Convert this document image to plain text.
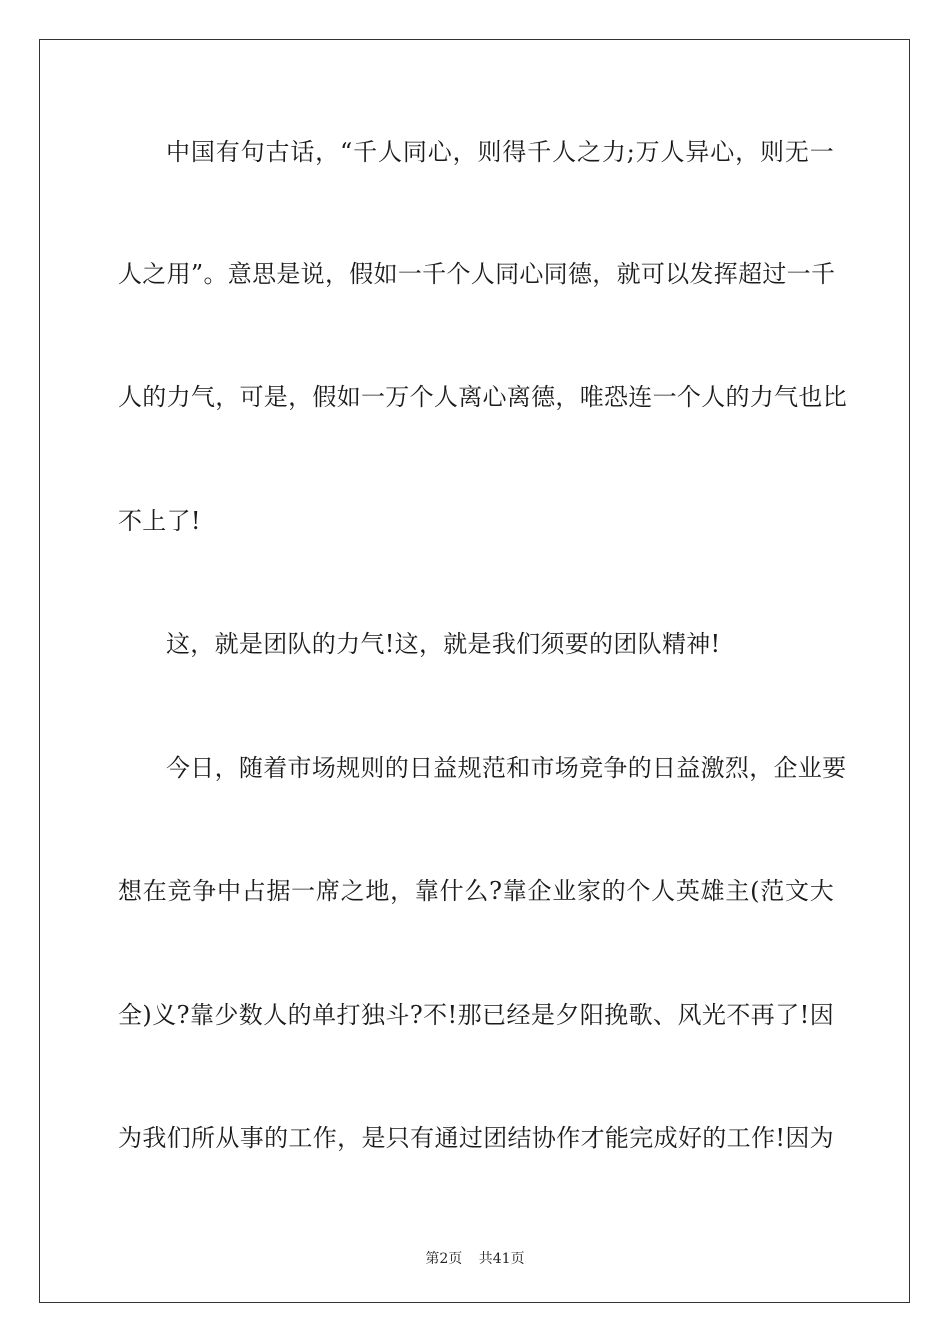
中国有句古话，“千人同心，则得千人之力;万人异心，则无一
人之用”。意思是说，假如一千个人同心同德，就可以发挥超过一千
人的力气，可是，假如一万个人离心离德，唯恐连一个人的力气也比
不上了!
这，就是团队的力气!这，就是我们须要的团队精神!
今日，随着市场规则的日益规范和市场竞争的日益激烈，企业要
想在竞争中占据一席之地，靠什么?靠企业家的个人英雄主(范文大
全)义?靠少数人的单打独斗?不!那已经是夕阳挽歌、风光不再了!因
为我们所从事的工作，是只有通过团结协作才能完成好的工作!因为
第2页 共41页
